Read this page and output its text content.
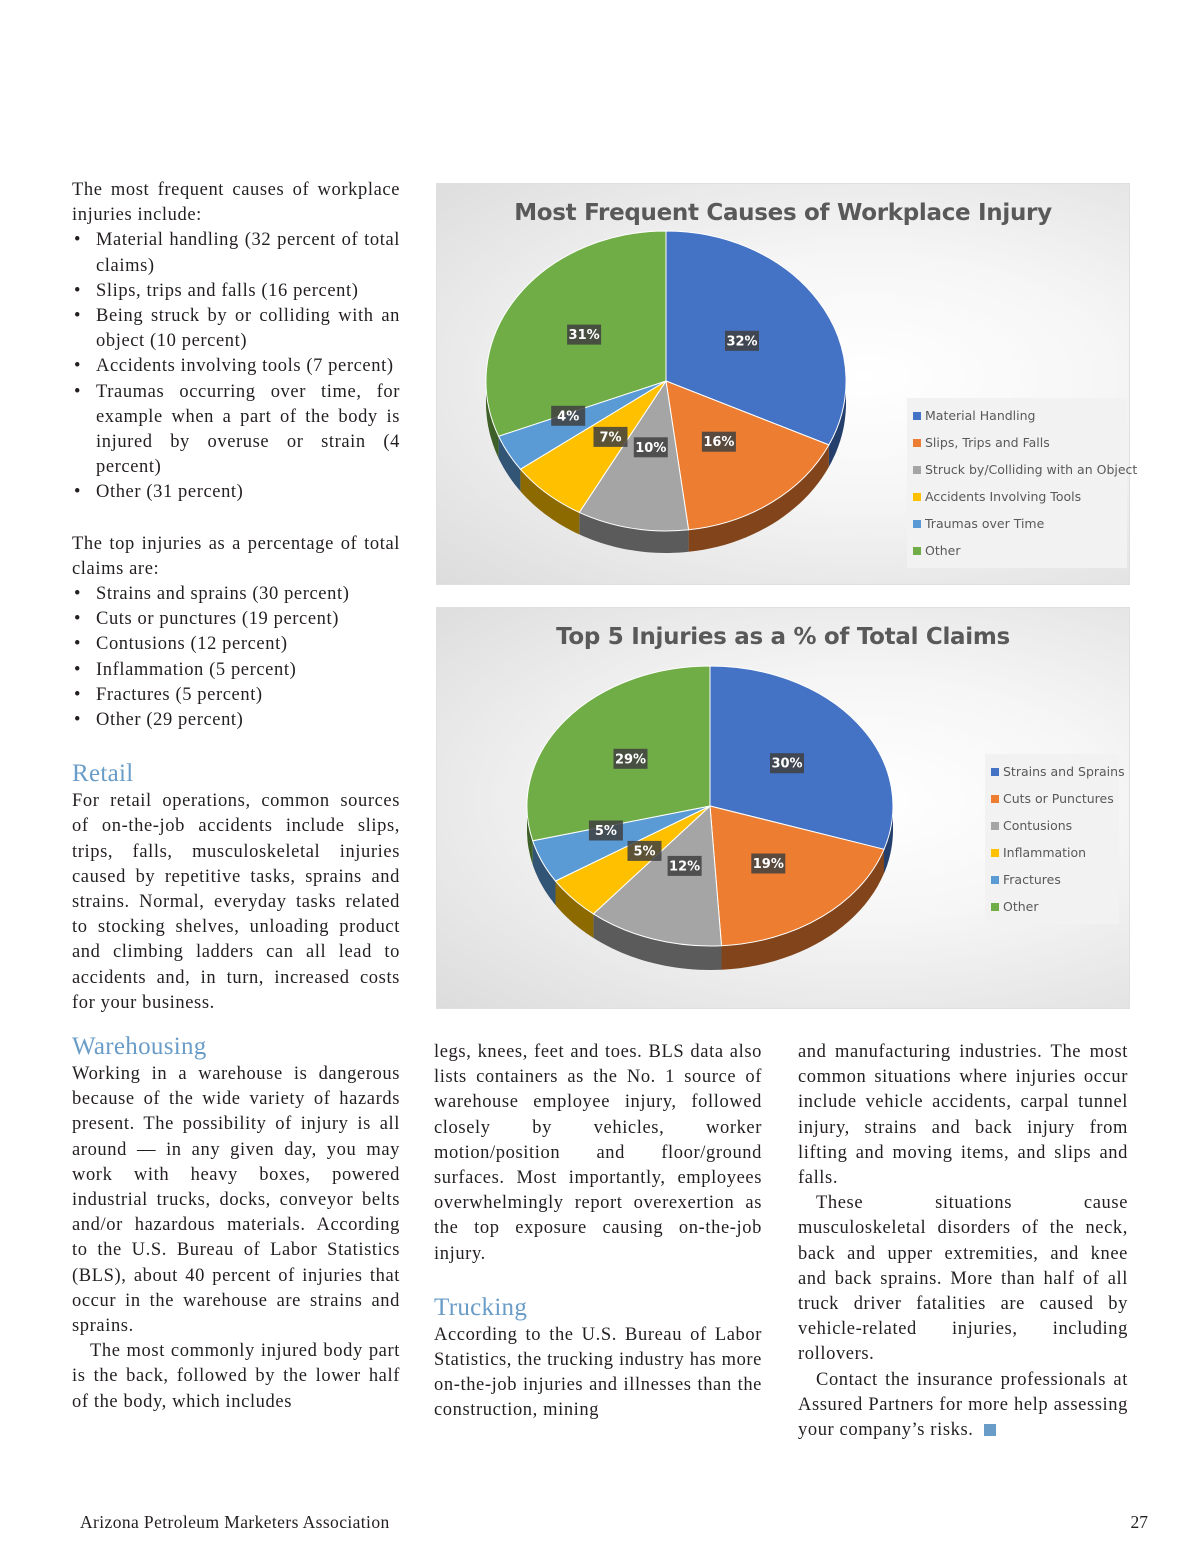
The most frequent causes of workplace injuries include:

• Material handling (32 percent of total claims)
• Slips, trips and falls (16 percent)
• Being struck by or colliding with an object (10 percent)
• Accidents involving tools (7 percent)
• Traumas occurring over time, for example when a part of the body is injured by overuse or strain (4 percent)
• Other (31 percent)

The top injuries as a percentage of total claims are:

• Strains and sprains (30 percent)
• Cuts or punctures (19 percent)
• Contusions (12 percent)
• Inflammation (5 percent)
• Fractures (5 percent)
• Other (29 percent)
Retail

For retail operations, common sources of on-the-job accidents include slips, trips, falls, musculoskeletal injuries caused by repetitive tasks, sprains and strains. Normal, everyday tasks related to stocking shelves, unloading product and climbing ladders can all lead to accidents and, in turn, increased costs for your business.

Warehousing

Working in a warehouse is dangerous because of the wide variety of hazards present. The possibility of injury is all around — in any given day, you may work with heavy boxes, powered industrial trucks, docks, conveyor belts and/or hazardous materials. According to the U.S. Bureau of Labor Statistics (BLS), about 40 percent of injuries that occur in the warehouse are strains and sprains.

The most commonly injured body part is the back, followed by the lower half of the body, which includes

legs, knees, feet and toes. BLS data also lists containers as the No. 1 source of warehouse employee injury, followed closely by vehicles, worker motion/position and floor/ground surfaces. Most importantly, employees overwhelmingly report overexertion as the top exposure causing on-the-job injury.

Trucking

According to the U.S. Bureau of Labor Statistics, the trucking industry has more on-the-job injuries and illnesses than the construction, mining

and manufacturing industries. The most common situations where injuries occur include vehicle accidents, carpal tunnel injury, strains and back injury from lifting and moving items, and slips and falls.

These situations cause musculoskeletal disorders of the neck, back and upper extremities, and knee and back sprains. More than half of all truck driver fatalities are caused by vehicle-related injuries, including rollovers.

Contact the insurance professionals at Assured Partners for more help assessing your company’s risks.

Most Frequent Causes of Workplace Injury
32%
16%
10%
7%
4%
31%
Material Handling
Slips, Trips and Falls
Struck by/Colliding with an Object
Accidents Involving Tools
Traumas over Time
Other
Top 5 Injuries as a % of Total Claims
30%
19%
12%
5%
5%
29%
Strains and Sprains
Cuts or Punctures
Contusions
Inflammation
Fractures
Other
Arizona Petroleum Marketers Association	27
